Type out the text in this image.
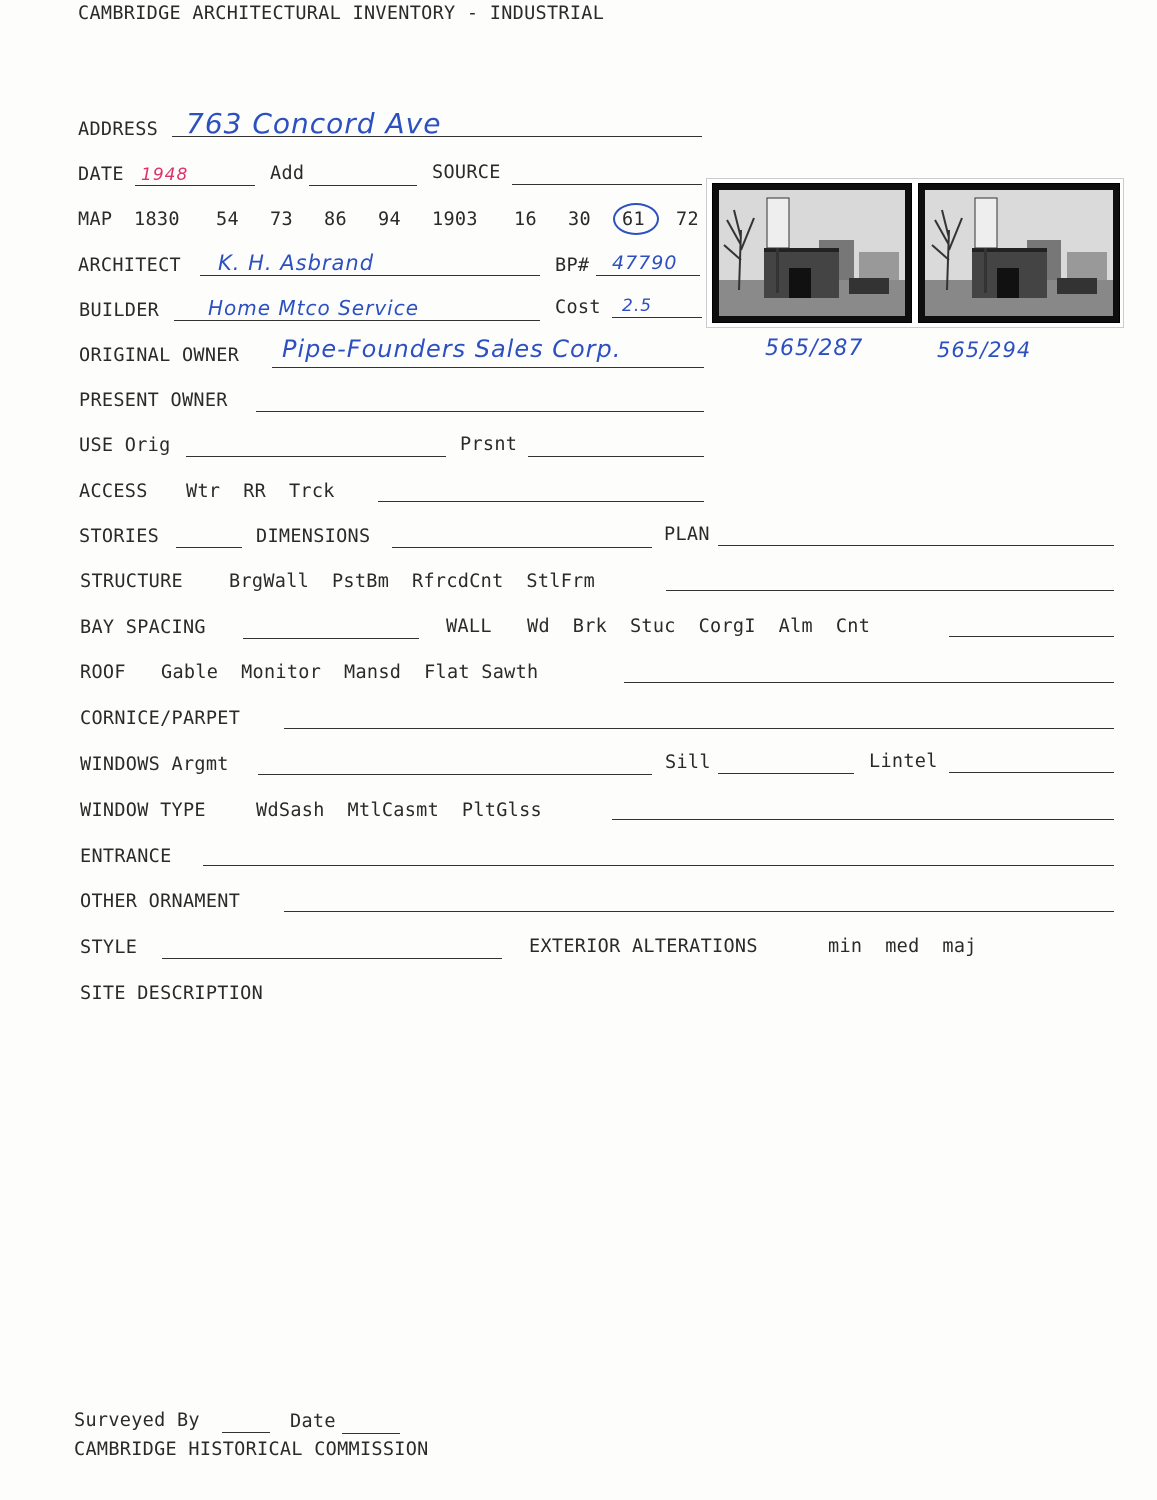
CAMBRIDGE ARCHITECTURAL INVENTORY - INDUSTRIAL
ADDRESS 763 Concord Ave
DATE 1948	Add	SOURCE
MAP 1830 54 73 86 94 1903 16 30 61 72
ARCHITECT K. H. Asbrand	BP# 47790
BUILDER Home Mtco Service	Cost 2.5
ORIGINAL OWNER Pipe-Founders Sales Corp.
PRESENT OWNER
USE Orig	Prsnt
ACCESS Wtr  RR  Trck
STORIES	DIMENSIONS	PLAN
STRUCTURE BrgWall  PstBm  RfrcdCnt  StlFrm
BAY SPACING	WALL Wd  Brk  Stuc  CorgI  Alm  Cnt
ROOF Gable  Monitor  Mansd  Flat Sawth
CORNICE/PARPET
WINDOWS Argmt	Sill	Lintel
WINDOW TYPE	WdSash  MtlCasmt  PltGlss
ENTRANCE
OTHER ORNAMENT
STYLE	EXTERIOR ALTERATIONS	min  med  maj
SITE DESCRIPTION
565/287	565/294
Surveyed By	Date
CAMBRIDGE HISTORICAL COMMISSION
